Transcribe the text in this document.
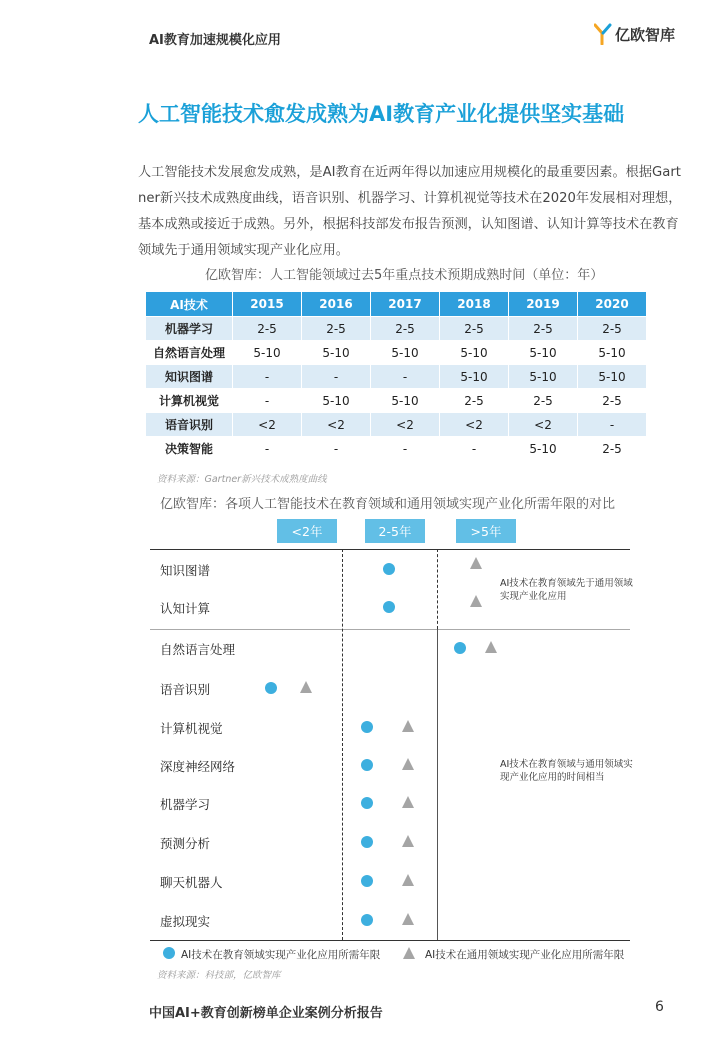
AI教育加速规模化应用	亿欧智库
人工智能技术愈发成熟为AI教育产业化提供坚实基础

人工智能技术发展愈发成熟，是AI教育在近两年得以加速应用规模化的最重要因素。根据Gartner新兴技术成熟度曲线，语音识别、机器学习、计算机视觉等技术在2020年发展相对理想，基本成熟或接近于成熟。另外，根据科技部发布报告预测，认知图谱、认知计算等技术在教育领域先于通用领域实现产业化应用。

亿欧智库：人工智能领域过去5年重点技术预期成熟时间（单位：年）
AI技术	2015	2016	2017	2018	2019	2020
机器学习	2-5	2-5	2-5	2-5	2-5	2-5
自然语言处理	5-10	5-10	5-10	5-10	5-10	5-10
知识图谱	-	-	-	5-10	5-10	5-10
计算机视觉	-	5-10	5-10	2-5	2-5	2-5
语音识别	<2	<2	<2	<2	<2	-
决策智能	-	-	-	-	5-10	2-5
资料来源：Gartner新兴技术成熟度曲线
亿欧智库：各项人工智能技术在教育领域和通用领域实现产业化所需年限的对比
<2年	2-5年	>5年
知识图谱
认知计算
自然语言处理
语音识别
计算机视觉
深度神经网络
机器学习
预测分析
聊天机器人
虚拟现实
AI技术在教育领域先于通用领域实现产业化应用
AI技术在教育领域与通用领域实现产业化应用的时间相当
AI技术在教育领域实现产业化应用所需年限	AI技术在通用领域实现产业化应用所需年限
资料来源：科技部，亿欧智库
中国AI+教育创新榜单企业案例分析报告	6
